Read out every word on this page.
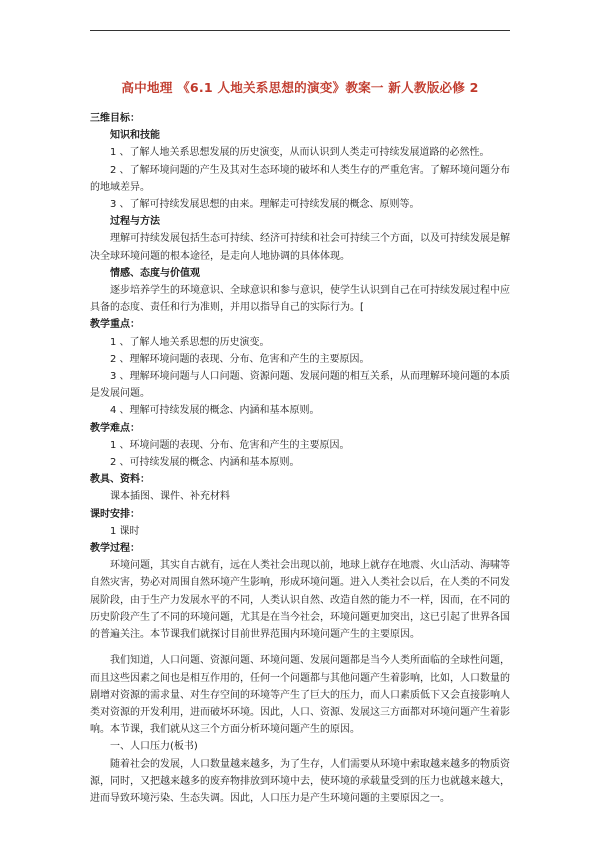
高中地理 《6.1 人地关系思想的演变》教案一 新人教版必修 2

三维目标：

知识和技能

1 、了解人地关系思想发展的历史演变，从而认识到人类走可持续发展道路的必然性。

2 、了解环境问题的产生及其对生态环境的破坏和人类生存的严重危害。了解环境问题分布的地域差异。

3 、了解可持续发展思想的由来。理解走可持续发展的概念、原则等。

过程与方法

理解可持续发展包括生态可持续、经济可持续和社会可持续三个方面，以及可持续发展是解决全球环境问题的根本途径，是走向人地协调的具体体现。

情感、态度与价值观

逐步培养学生的环境意识、全球意识和参与意识，使学生认识到自己在可持续发展过程中应具备的态度、责任和行为准则，并用以指导自己的实际行为。[

教学重点：

1 、了解人地关系思想的历史演变。

2 、理解环境问题的表现、分布、危害和产生的主要原因。

3 、理解环境问题与人口问题、资源问题、发展问题的相互关系，从而理解环境问题的本质是发展问题。

4 、理解可持续发展的概念、内涵和基本原则。

教学难点：

1 、环境问题的表现、分布、危害和产生的主要原因。

2 、可持续发展的概念、内涵和基本原则。

教具、资料：

课本插图、课件、补充材料

课时安排：

1 课时

教学过程：

环境问题，其实自古就有，远在人类社会出现以前，地球上就存在地震、火山活动、海啸等自然灾害，势必对周围自然环境产生影响，形成环境问题。进入人类社会以后，在人类的不同发展阶段，由于生产力发展水平的不同，人类认识自然、改造自然的能力不一样，因而，在不同的历史阶段产生了不同的环境问题，尤其是在当今社会，环境问题更加突出，这已引起了世界各国的普遍关注。本节课我们就探讨目前世界范围内环境问题产生的主要原因。

我们知道，人口问题、资源问题、环境问题、发展问题都是当今人类所面临的全球性问题，而且这些因素之间也是相互作用的，任何一个问题都与其他问题产生着影响，比如，人口数量的剧增对资源的需求量、对生存空间的环境等产生了巨大的压力，而人口素质低下又会直接影响人类对资源的开发利用，进而破坏环境。因此，人口、资源、发展这三方面都对环境问题产生着影响。本节课，我们就从这三个方面分析环境问题产生的原因。

一、人口压力(板书)

随着社会的发展，人口数量越来越多，为了生存，人们需要从环境中索取越来越多的物质资源，同时，又把越来越多的废弃物排放到环境中去，使环境的承载量受到的压力也就越来越大，进而导致环境污染、生态失调。因此，人口压力是产生环境问题的主要原因之一。
